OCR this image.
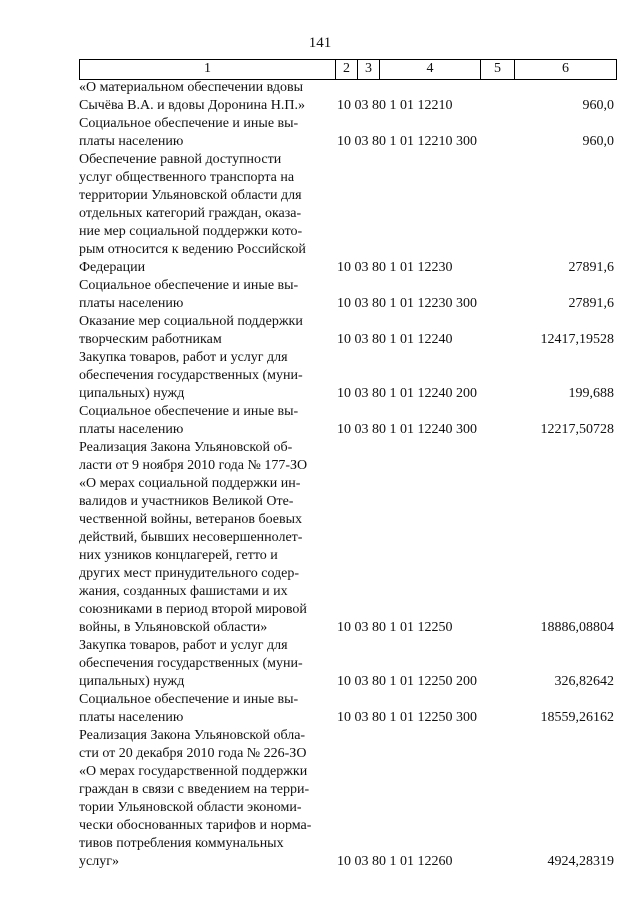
141
1	2	3	4	5	6
«О материальном обеспечении вдовы
Сычёва В.А. и вдовы Доронина Н.П.»	10 03 80 1 01 12210	960,0
Социальное обеспечение и иные вы-
платы населению	10 03 80 1 01 12210 300	960,0
Обеспечение равной доступности
услуг общественного транспорта на
территории Ульяновской области для
отдельных категорий граждан, оказа-
ние мер социальной поддержки кото-
рым относится к ведению Российской
Федерации	10 03 80 1 01 12230	27891,6
Социальное обеспечение и иные вы-
платы населению	10 03 80 1 01 12230 300	27891,6
Оказание мер социальной поддержки
творческим работникам	10 03 80 1 01 12240	12417,19528
Закупка товаров, работ и услуг для
обеспечения государственных (муни-
ципальных) нужд	10 03 80 1 01 12240 200	199,688
Социальное обеспечение и иные вы-
платы населению	10 03 80 1 01 12240 300	12217,50728
Реализация Закона Ульяновской об-
ласти от 9 ноября 2010 года № 177-ЗО
«О мерах социальной поддержки ин-
валидов и участников Великой Оте-
чественной войны, ветеранов боевых
действий, бывших несовершеннолет-
них узников концлагерей, гетто и
других мест принудительного содер-
жания, созданных фашистами и их
союзниками в период второй мировой
войны, в Ульяновской области»	10 03 80 1 01 12250	18886,08804
Закупка товаров, работ и услуг для
обеспечения государственных (муни-
ципальных) нужд	10 03 80 1 01 12250 200	326,82642
Социальное обеспечение и иные вы-
платы населению	10 03 80 1 01 12250 300	18559,26162
Реализация Закона Ульяновской обла-
сти от 20 декабря 2010 года № 226-ЗО
«О мерах государственной поддержки
граждан в связи с введением на терри-
тории Ульяновской области экономи-
чески обоснованных тарифов и норма-
тивов потребления коммунальных
услуг»	10 03 80 1 01 12260	4924,28319
